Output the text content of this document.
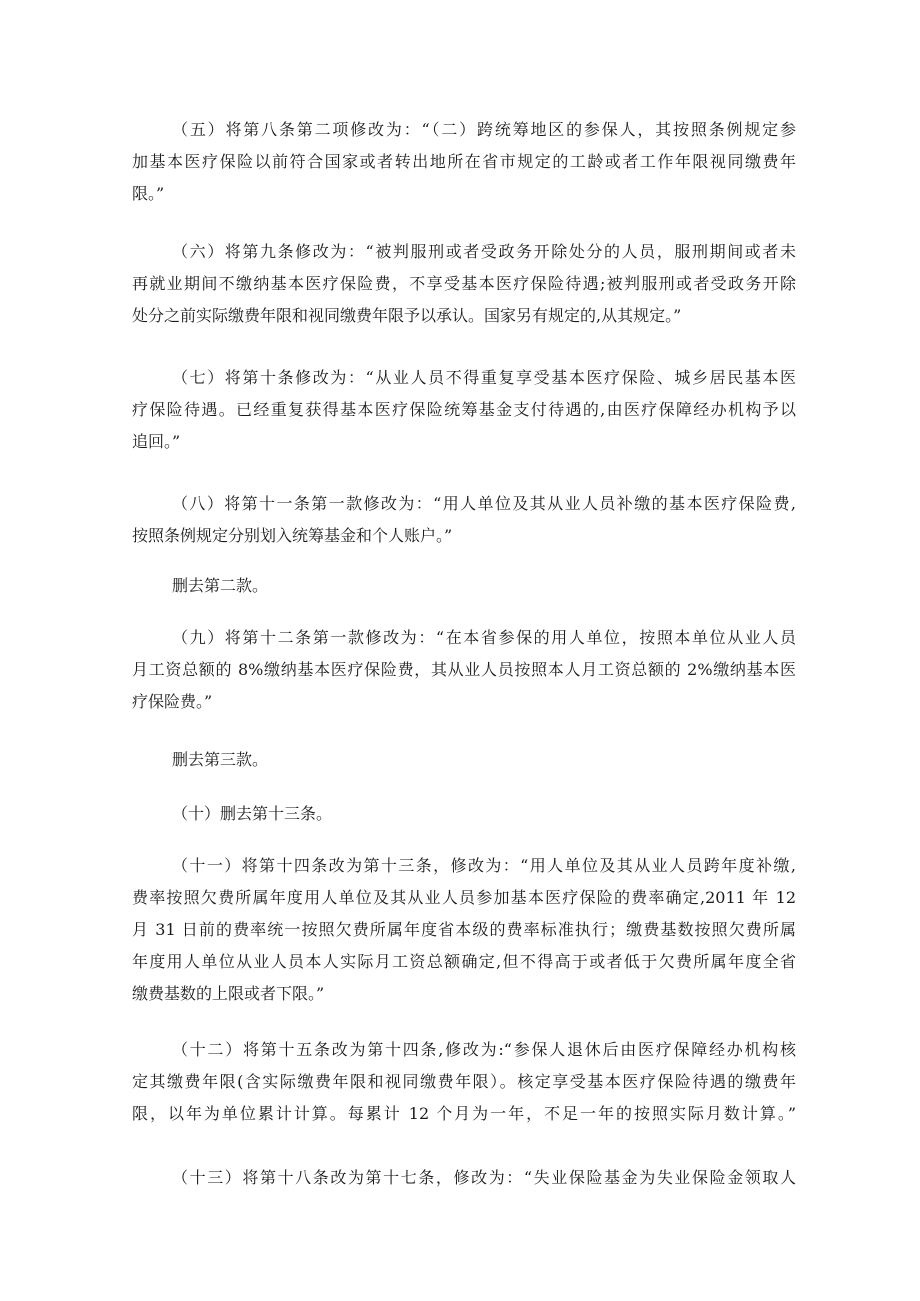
（五）将第八条第二项修改为：“（二）跨统筹地区的参保人，其按照条例规定参
加基本医疗保险以前符合国家或者转出地所在省市规定的工龄或者工作年限视同缴费年
限。”
（六）将第九条修改为：“被判服刑或者受政务开除处分的人员，服刑期间或者未
再就业期间不缴纳基本医疗保险费，不享受基本医疗保险待遇;被判服刑或者受政务开除
处分之前实际缴费年限和视同缴费年限予以承认。国家另有规定的,从其规定。”
（七）将第十条修改为：“从业人员不得重复享受基本医疗保险、城乡居民基本医
疗保险待遇。已经重复获得基本医疗保险统筹基金支付待遇的,由医疗保障经办机构予以
追回。”
（八）将第十一条第一款修改为：“用人单位及其从业人员补缴的基本医疗保险费,
按照条例规定分别划入统筹基金和个人账户。”
删去第二款。
（九）将第十二条第一款修改为：“在本省参保的用人单位，按照本单位从业人员
月工资总额的 8%缴纳基本医疗保险费，其从业人员按照本人月工资总额的 2%缴纳基本医
疗保险费。”
删去第三款。
（十）删去第十三条。
（十一）将第十四条改为第十三条，修改为：“用人单位及其从业人员跨年度补缴,
费率按照欠费所属年度用人单位及其从业人员参加基本医疗保险的费率确定,2011 年 12
月 31 日前的费率统一按照欠费所属年度省本级的费率标准执行；缴费基数按照欠费所属
年度用人单位从业人员本人实际月工资总额确定,但不得高于或者低于欠费所属年度全省
缴费基数的上限或者下限。”
（十二）将第十五条改为第十四条,修改为:“参保人退休后由医疗保障经办机构核
定其缴费年限(含实际缴费年限和视同缴费年限）。核定享受基本医疗保险待遇的缴费年
限，以年为单位累计计算。每累计 12 个月为一年，不足一年的按照实际月数计算。”
（十三）将第十八条改为第十七条，修改为：“失业保险基金为失业保险金领取人
